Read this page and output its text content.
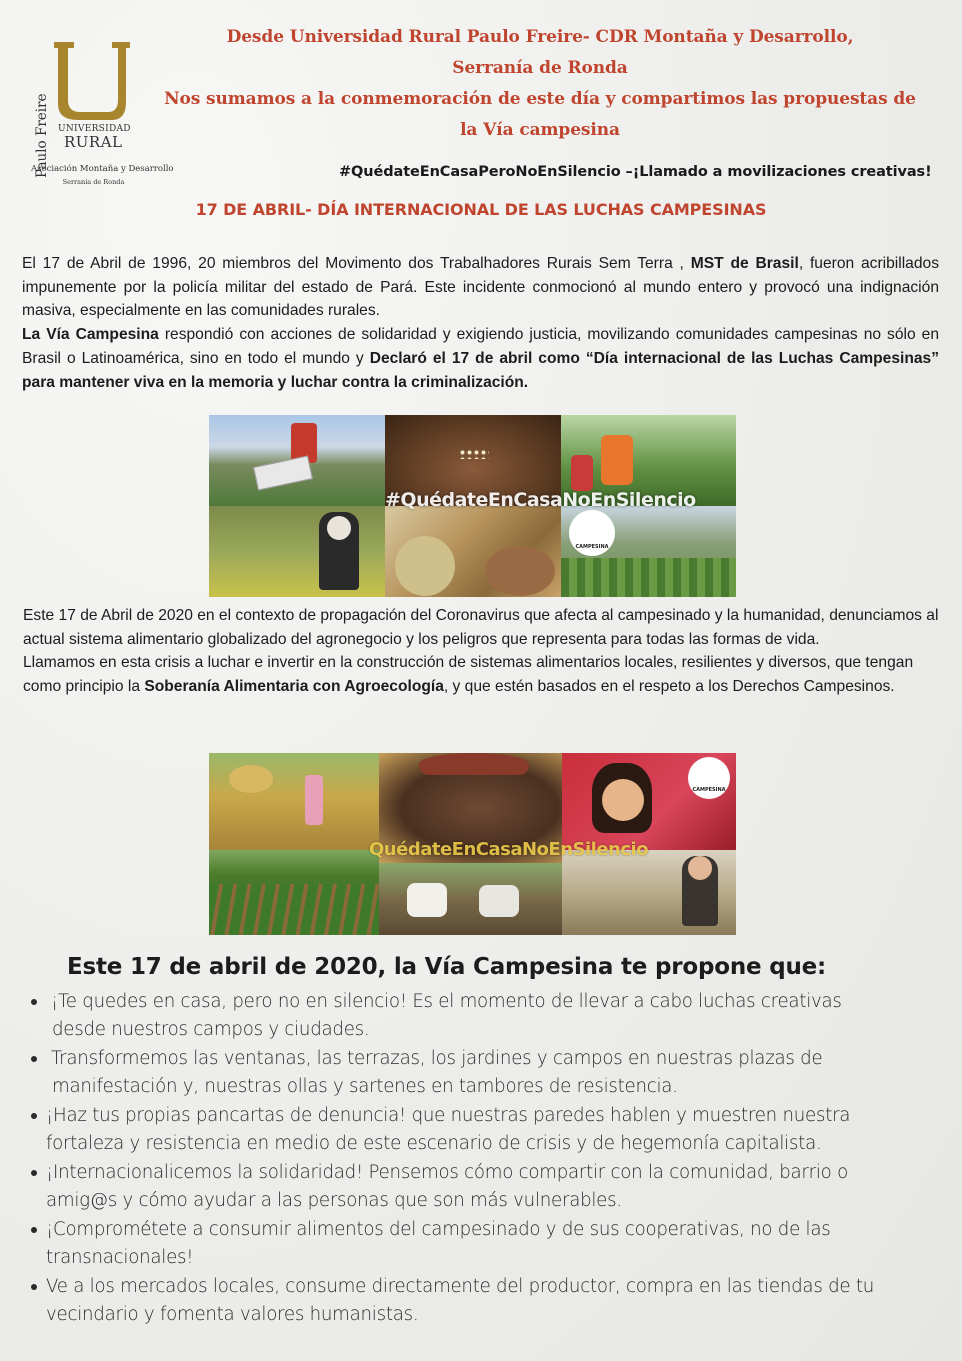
Paulo Freire UNIVERSIDAD
RURAL
Asociación Montaña y Desarrollo
Serranía de Ronda
Desde Universidad Rural Paulo Freire- CDR Montaña y Desarrollo,
Serranía de Ronda
Nos sumamos a la conmemoración de este día y compartimos las propuestas de
la Vía campesina
#QuédateEnCasaPeroNoEnSilencio –¡Llamado a movilizaciones creativas!
17 DE ABRIL- DÍA INTERNACIONAL DE LAS LUCHAS CAMPESINAS

El 17 de Abril de 1996, 20 miembros del Movimento dos Trabalhadores Rurais Sem Terra , MST de Brasil, fueron acribillados impunemente por la policía militar del estado de Pará. Este incidente conmocionó al mundo entero y provocó una indignación masiva, especialmente en las comunidades rurales.

La Vía Campesina respondió con acciones de solidaridad y exigiendo justicia, movilizando comunidades campesinas no sólo en Brasil o Latinoamérica, sino en todo el mundo y Declaró el 17 de abril como “Día internacional de las Luchas Campesinas” para mantener viva en la memoria y luchar contra la criminalización.

CAMPESINA
#QuédateEnCasaNoEnSilencio

Este 17 de Abril de 2020 en el contexto de propagación del Coronavirus que afecta al campesinado y la humanidad, denunciamos al actual sistema alimentario globalizado del agronegocio y los peligros que representa para todas las formas de vida.

Llamamos en esta crisis a luchar e invertir en la construcción de sistemas alimentarios locales, resilientes y diversos, que tengan como principio la Soberanía Alimentaria con Agroecología, y que estén basados en el respeto a los Derechos Campesinos.

CAMPESINA
QuédateEnCasaNoEnSilencio
Este 17 de abril de 2020, la Vía Campesina te propone que:
¡Te quedes en casa, pero no en silencio! Es el momento de llevar a cabo luchas creativas
desde nuestros campos y ciudades.
Transformemos las ventanas, las terrazas, los jardines y campos en nuestras plazas de
manifestación y, nuestras ollas y sartenes en tambores de resistencia.
¡Haz tus propias pancartas de denuncia! que nuestras paredes hablen y muestren nuestra
fortaleza y resistencia en medio de este escenario de crisis y de hegemonía capitalista.
¡Internacionalicemos la solidaridad! Pensemos cómo compartir con la comunidad, barrio o
amig@s y cómo ayudar a las personas que son más vulnerables.
¡Comprométete a consumir alimentos del campesinado y de sus cooperativas, no de las
transnacionales!
Ve a los mercados locales, consume directamente del productor, compra en las tiendas de tu
vecindario y fomenta valores humanistas.
